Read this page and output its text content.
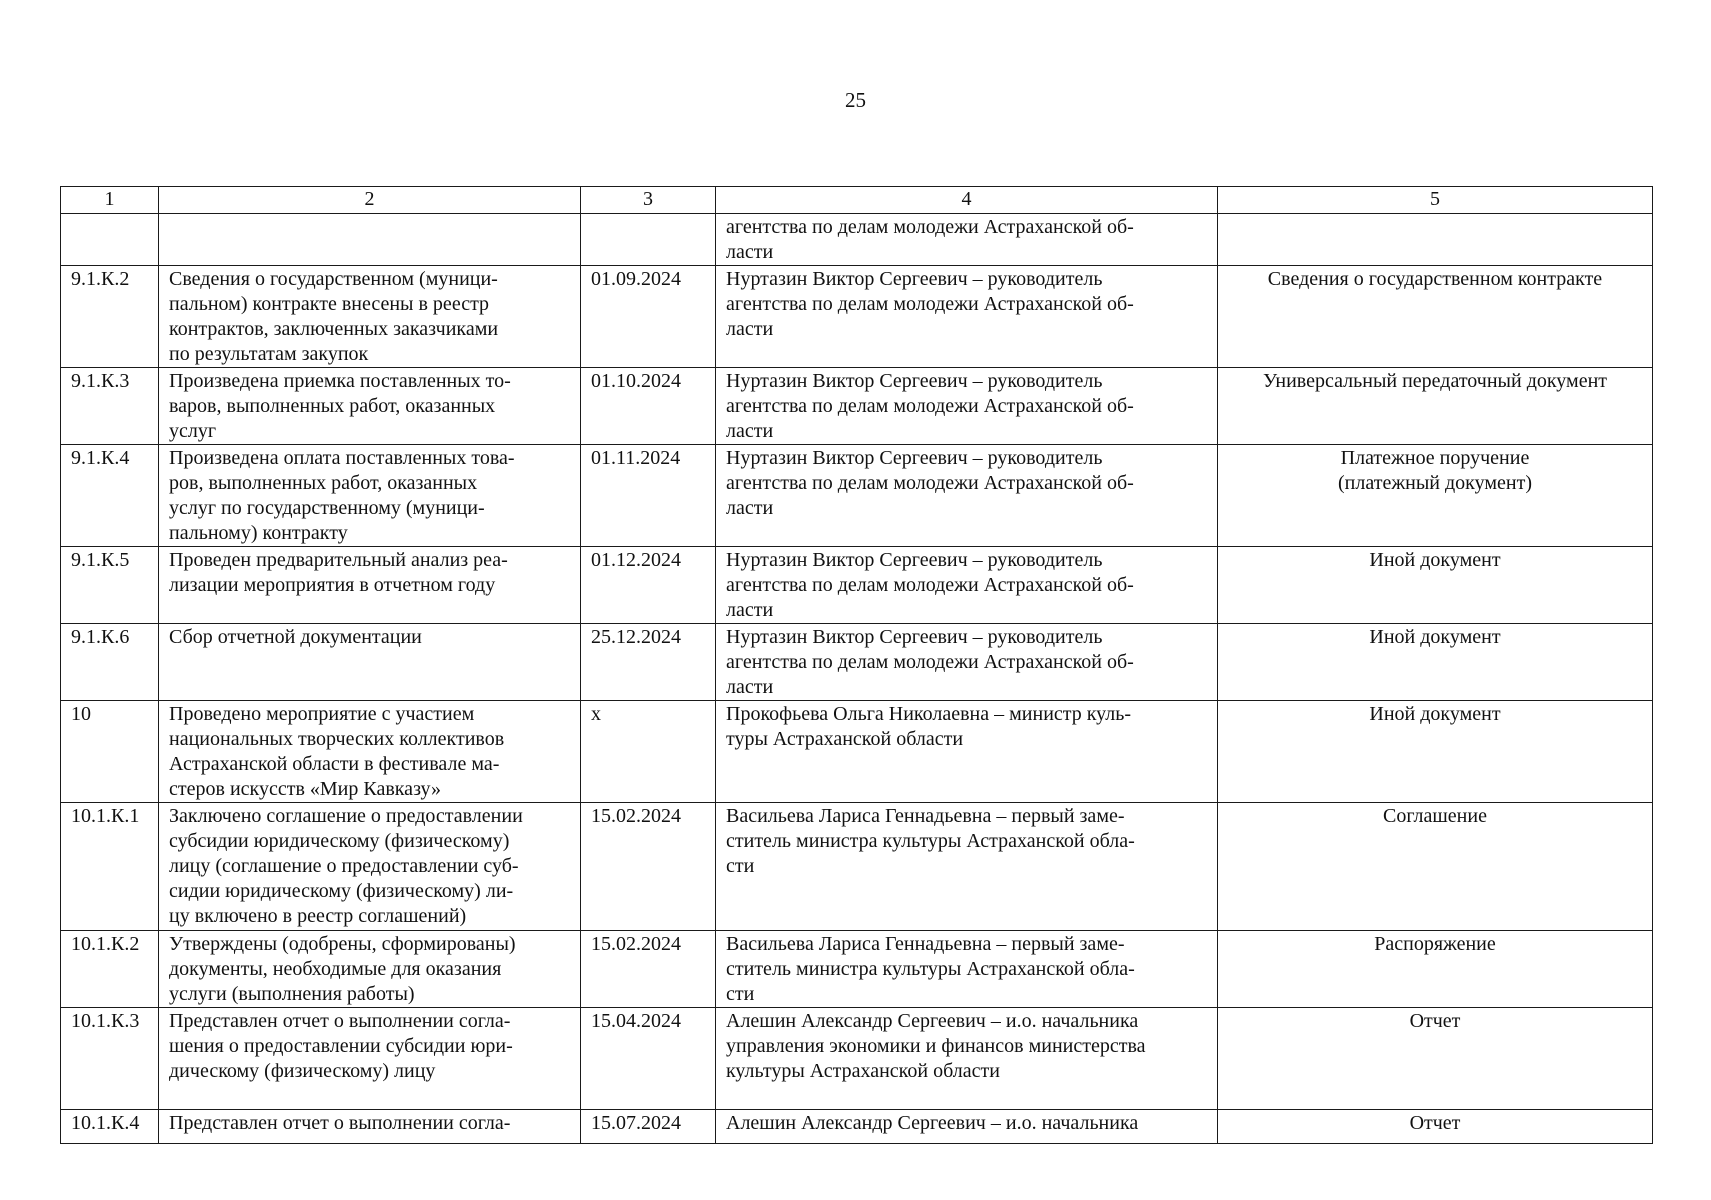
25
1	2	3	4	5
			агентства по делам молодежи Астраханской об-
ласти	
9.1.К.2	Сведения о государственном (муници-
пальном) контракте внесены в реестр
контрактов, заключенных заказчиками
по результатам закупок	01.09.2024	Нуртазин Виктор Сергеевич – руководитель
агентства по делам молодежи Астраханской об-
ласти	Сведения о государственном контракте
9.1.К.3	Произведена приемка поставленных то-
варов, выполненных работ, оказанных
услуг	01.10.2024	Нуртазин Виктор Сергеевич – руководитель
агентства по делам молодежи Астраханской об-
ласти	Универсальный передаточный документ
9.1.К.4	Произведена оплата поставленных това-
ров, выполненных работ, оказанных
услуг по государственному (муници-
пальному) контракту	01.11.2024	Нуртазин Виктор Сергеевич – руководитель
агентства по делам молодежи Астраханской об-
ласти	Платежное поручение
(платежный документ)
9.1.К.5	Проведен предварительный анализ реа-
лизации мероприятия в отчетном году	01.12.2024	Нуртазин Виктор Сергеевич – руководитель
агентства по делам молодежи Астраханской об-
ласти	Иной документ
9.1.К.6	Сбор отчетной документации	25.12.2024	Нуртазин Виктор Сергеевич – руководитель
агентства по делам молодежи Астраханской об-
ласти	Иной документ
10	Проведено мероприятие с участием
национальных творческих коллективов
Астраханской области в фестивале ма-
стеров искусств «Мир Кавказу»	х	Прокофьева Ольга Николаевна – министр куль-
туры Астраханской области	Иной документ
10.1.К.1	Заключено соглашение о предоставлении
субсидии юридическому (физическому)
лицу (соглашение о предоставлении суб-
сидии юридическому (физическому) ли-
цу включено в реестр соглашений)	15.02.2024	Васильева Лариса Геннадьевна – первый заме-
ститель министра культуры Астраханской обла-
сти	Соглашение
10.1.К.2	Утверждены (одобрены, сформированы)
документы, необходимые для оказания
услуги (выполнения работы)	15.02.2024	Васильева Лариса Геннадьевна – первый заме-
ститель министра культуры Астраханской обла-
сти	Распоряжение
10.1.К.3	Представлен отчет о выполнении согла-
шения о предоставлении субсидии юри-
дическому (физическому) лицу	15.04.2024	Алешин Александр Сергеевич – и.о. начальника
управления экономики и финансов министерства
культуры Астраханской области	Отчет
10.1.К.4	Представлен отчет о выполнении согла-	15.07.2024	Алешин Александр Сергеевич – и.о. начальника	Отчет
